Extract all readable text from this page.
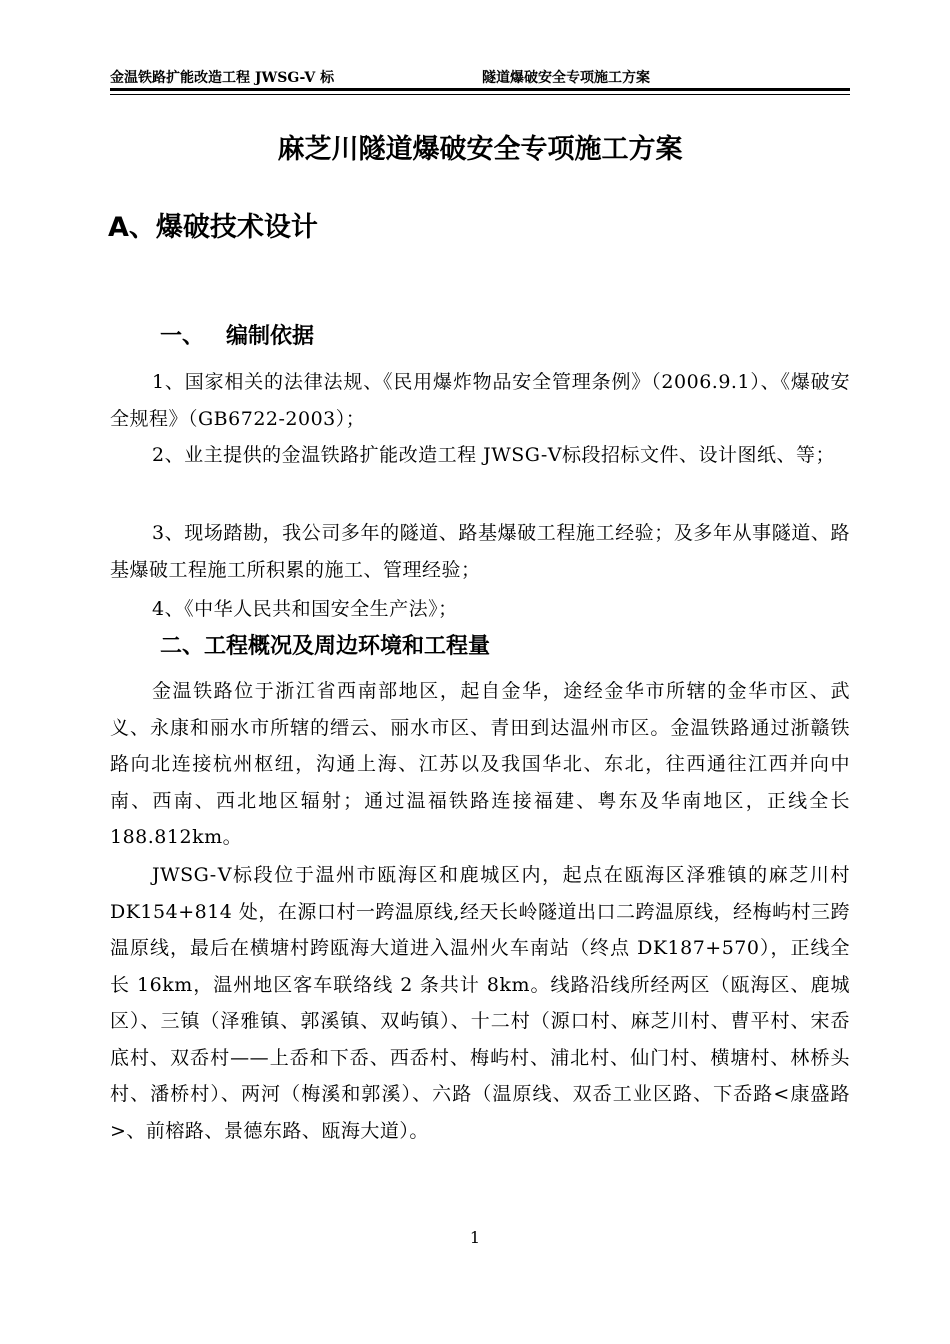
金温铁路扩能改造工程 JWSG-V 标	隧道爆破安全专项施工方案
麻芝川隧道爆破安全专项施工方案
A、爆破技术设计
一、 编制依据
1、国家相关的法律法规、《民用爆炸物品安全管理条例》（2006.9.1）、《爆破安全规程》（GB6722-2003）；
2、业主提供的金温铁路扩能改造工程 JWSG-Ⅴ标段招标文件、设计图纸、等；
3、现场踏勘，我公司多年的隧道、路基爆破工程施工经验；及多年从事隧道、路基爆破工程施工所积累的施工、管理经验；
4、《中华人民共和国安全生产法》；
二、工程概况及周边环境和工程量
金温铁路位于浙江省西南部地区，起自金华，途经金华市所辖的金华市区、武义、永康和丽水市所辖的缙云、丽水市区、青田到达温州市区。金温铁路通过浙赣铁路向北连接杭州枢纽，沟通上海、江苏以及我国华北、东北，往西通往江西并向中南、西南、西北地区辐射；通过温福铁路连接福建、粤东及华南地区，正线全长 188.812km。
JWSG-Ⅴ标段位于温州市瓯海区和鹿城区内，起点在瓯海区泽雅镇的麻芝川村 DK154+814 处，在源口村一跨温原线,经天长岭隧道出口二跨温原线，经梅屿村三跨温原线，最后在横塘村跨瓯海大道进入温州火车南站（终点 DK187+570），正线全长 16km，温州地区客车联络线 2 条共计 8km。线路沿线所经两区（瓯海区、鹿城区）、三镇（泽雅镇、郭溪镇、双屿镇）、十二村（源口村、麻芝川村、曹平村、宋岙底村、双岙村——上岙和下岙、西岙村、梅屿村、浦北村、仙门村、横塘村、林桥头村、潘桥村）、两河（梅溪和郭溪）、六路（温原线、双岙工业区路、下岙路<康盛路>、前榕路、景德东路、瓯海大道）。
1
